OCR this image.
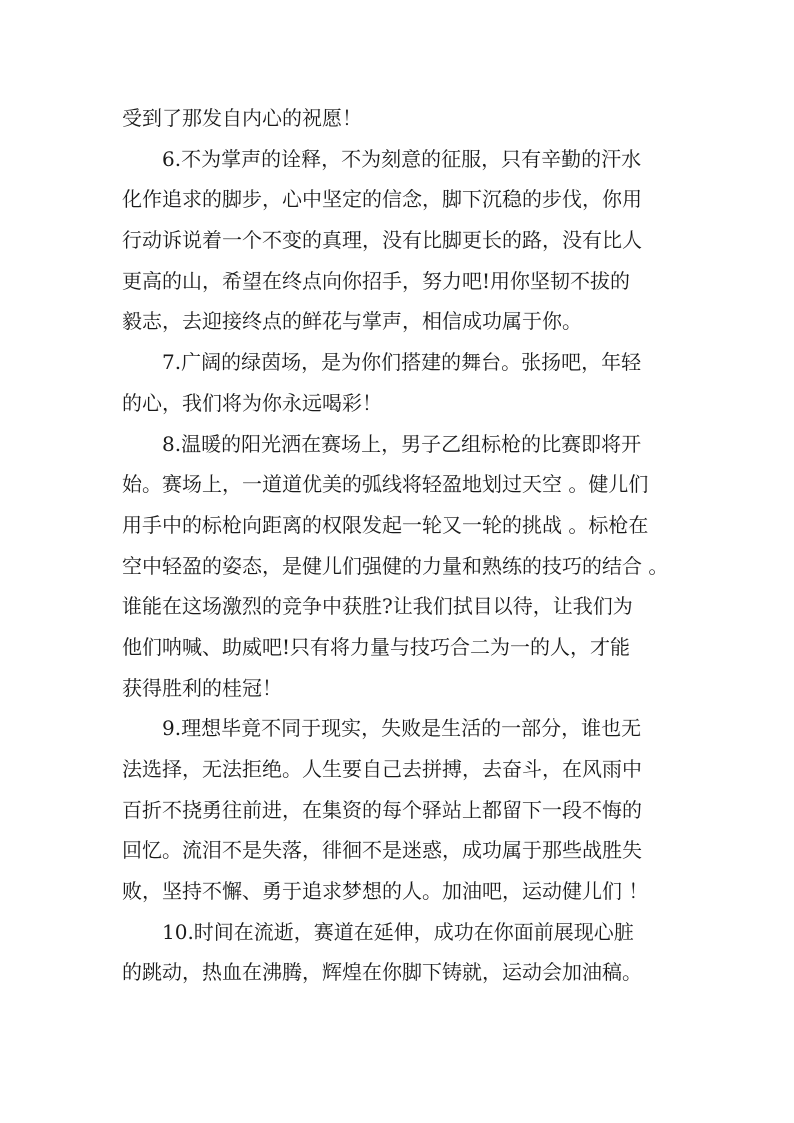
受到了那发自内心的祝愿！
6.不为掌声的诠释，不为刻意的征服，只有辛勤的汗水
化作追求的脚步，心中坚定的信念，脚下沉稳的步伐，你用
行动诉说着一个不变的真理，没有比脚更长的路，没有比人
更高的山，希望在终点向你招手，努力吧!用你坚韧不拔的
毅志，去迎接终点的鲜花与掌声，相信成功属于你。
7.广阔的绿茵场，是为你们搭建的舞台。张扬吧，年轻
的心，我们将为你永远喝彩！
8.温暖的阳光洒在赛场上，男子乙组标枪的比赛即将开
始。赛场上，一道道优美的弧线将轻盈地划过天空 。健儿们
用手中的标枪向距离的权限发起一轮又一轮的挑战 。标枪在
空中轻盈的姿态，是健儿们强健的力量和熟练的技巧的结合 。
谁能在这场激烈的竞争中获胜?让我们拭目以待，让我们为
他们呐喊、助威吧!只有将力量与技巧合二为一的人，才能
获得胜利的桂冠！
9.理想毕竟不同于现实，失败是生活的一部分，谁也无
法选择，无法拒绝。人生要自己去拼搏，去奋斗，在风雨中
百折不挠勇往前进，在集资的每个驿站上都留下一段不悔的
回忆。流泪不是失落，徘徊不是迷惑，成功属于那些战胜失
败，坚持不懈、勇于追求梦想的人。加油吧，运动健儿们 ！
10.时间在流逝，赛道在延伸，成功在你面前展现心脏
的跳动，热血在沸腾，辉煌在你脚下铸就，运动会加油稿。
